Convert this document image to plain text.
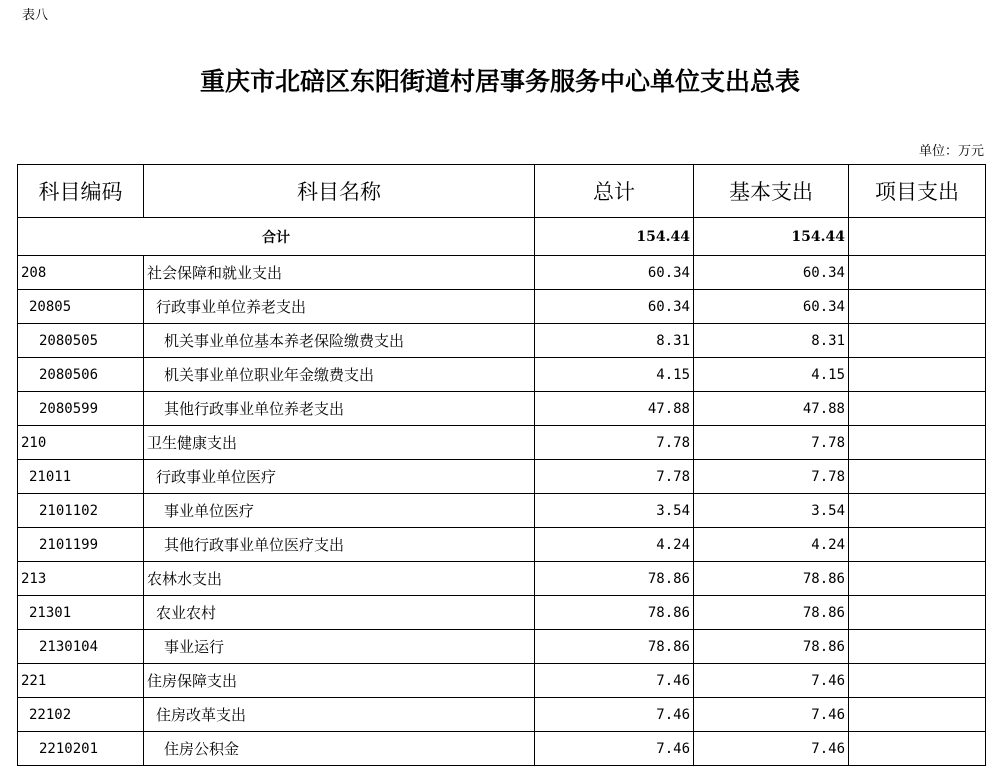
表八
重庆市北碚区东阳街道村居事务服务中心单位支出总表
单位：万元
科目编码	科目名称	总计	基本支出	项目支出
合计		154.44	154.44	
208	社会保障和就业支出	60.34	60.34	
20805	行政事业单位养老支出	60.34	60.34	
2080505	机关事业单位基本养老保险缴费支出	8.31	8.31	
2080506	机关事业单位职业年金缴费支出	4.15	4.15	
2080599	其他行政事业单位养老支出	47.88	47.88	
210	卫生健康支出	7.78	7.78	
21011	行政事业单位医疗	7.78	7.78	
2101102	事业单位医疗	3.54	3.54	
2101199	其他行政事业单位医疗支出	4.24	4.24	
213	农林水支出	78.86	78.86	
21301	农业农村	78.86	78.86	
2130104	事业运行	78.86	78.86	
221	住房保障支出	7.46	7.46	
22102	住房改革支出	7.46	7.46	
2210201	住房公积金	7.46	7.46	
